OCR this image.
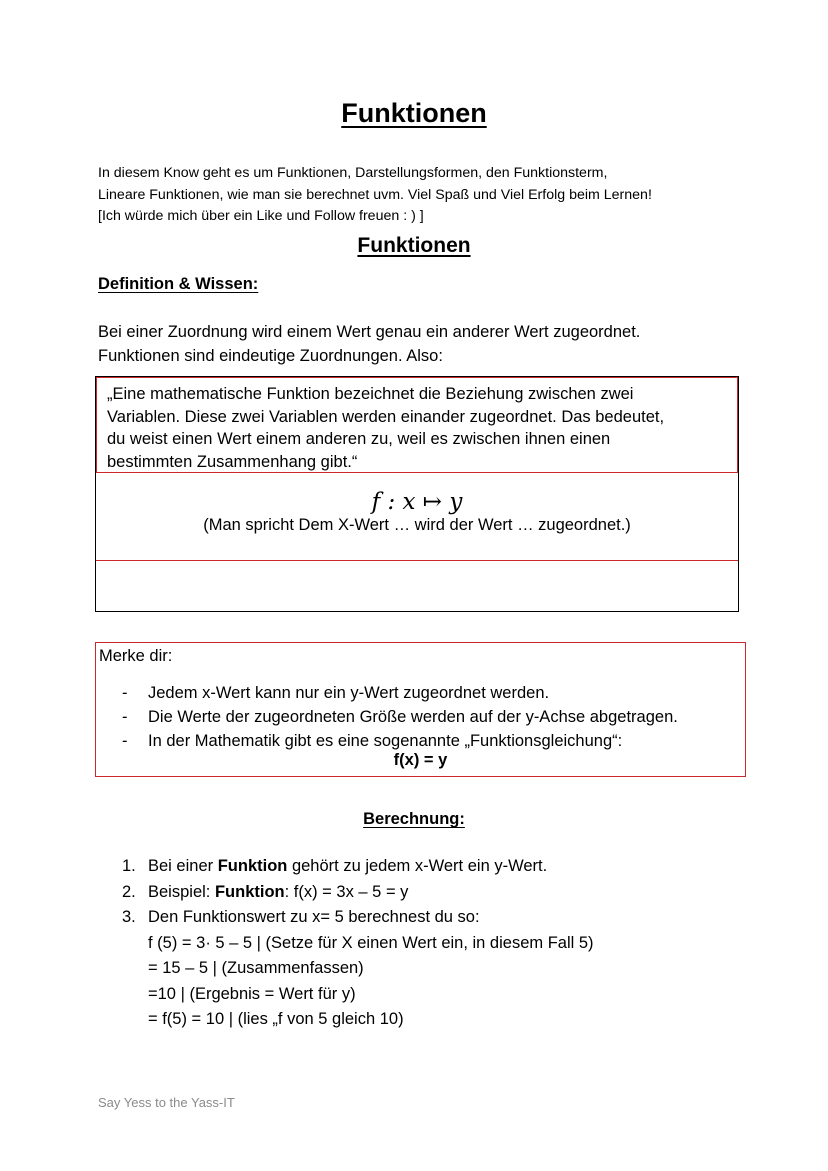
Funktionen
In diesem Know geht es um Funktionen, Darstellungsformen, den Funktionsterm,
Lineare Funktionen, wie man sie berechnet uvm. Viel Spaß und Viel Erfolg beim Lernen!
[Ich würde mich über ein Like und Follow freuen : ) ]
Funktionen
Definition & Wissen:
Bei einer Zuordnung wird einem Wert genau ein anderer Wert zugeordnet.
Funktionen sind eindeutige Zuordnungen. Also:
„Eine mathematische Funktion bezeichnet die Beziehung zwischen zwei
Variablen. Diese zwei Variablen werden einander zugeordnet. Das bedeutet,
du weist einen Wert einem anderen zu, weil es zwischen ihnen einen
bestimmten Zusammenhang gibt.“
f : x ↦ y
(Man spricht Dem X-Wert … wird der Wert … zugeordnet.)
Merke dir:
- Jedem x-Wert kann nur ein y-Wert zugeordnet werden.
- Die Werte der zugeordneten Größe werden auf der y-Achse abgetragen.
- In der Mathematik gibt es eine sogenannte „Funktionsgleichung“:
f(x) = y
Berechnung:
1. Bei einer Funktion gehört zu jedem x-Wert ein y-Wert.
2. Beispiel: Funktion: f(x) = 3x – 5 = y
3. Den Funktionswert zu x= 5 berechnest du so:
f (5) = 3· 5 – 5 | (Setze für X einen Wert ein, in diesem Fall 5)
= 15 – 5 | (Zusammenfassen)
=10 | (Ergebnis = Wert für y)
= f(5) = 10 | (lies „f von 5 gleich 10)
Say Yess to the Yass-IT
